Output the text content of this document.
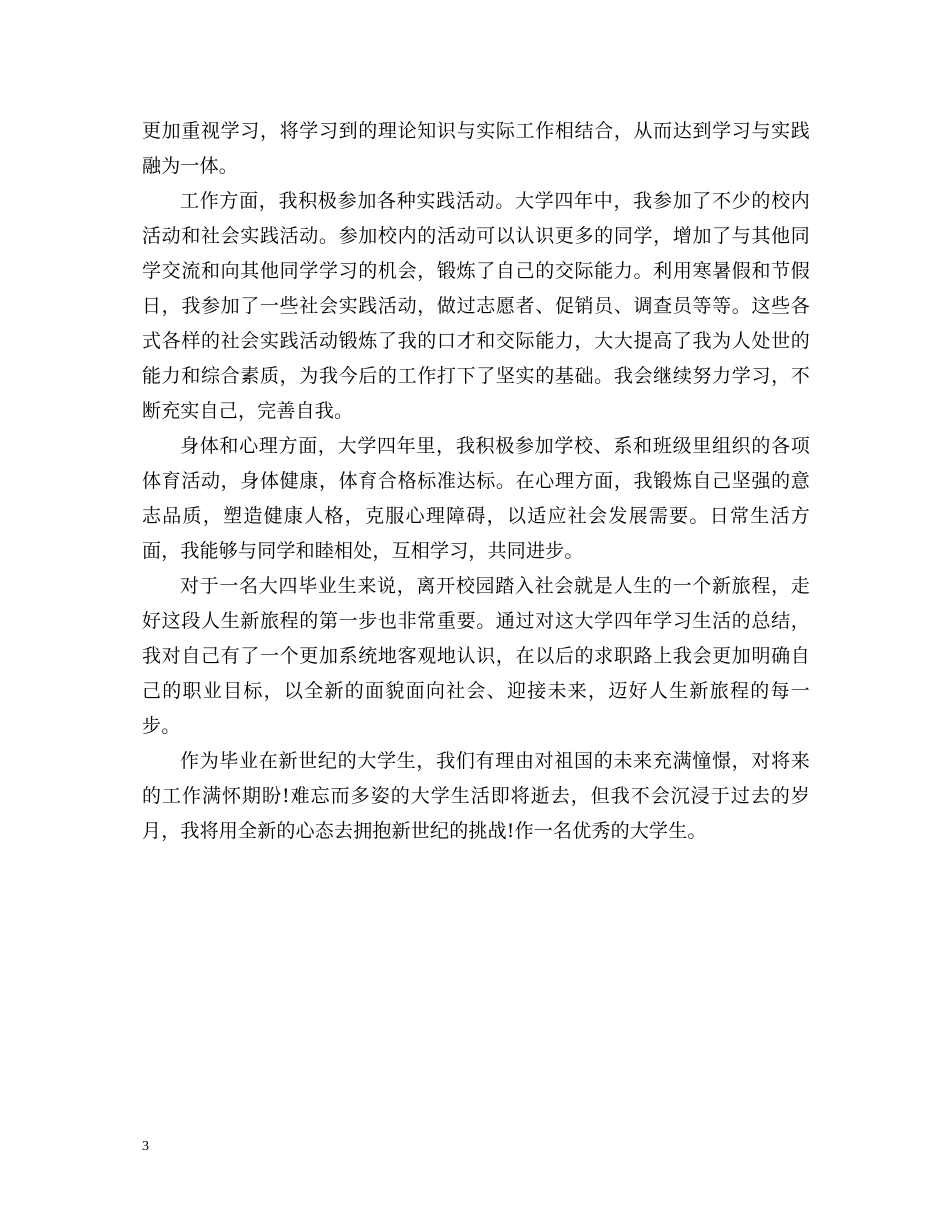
更加重视学习，将学习到的理论知识与实际工作相结合，从而达到学习与实践融为一体。

工作方面，我积极参加各种实践活动。大学四年中，我参加了不少的校内活动和社会实践活动。参加校内的活动可以认识更多的同学，增加了与其他同学交流和向其他同学学习的机会，锻炼了自己的交际能力。利用寒暑假和节假日，我参加了一些社会实践活动，做过志愿者、促销员、调查员等等。这些各式各样的社会实践活动锻炼了我的口才和交际能力，大大提高了我为人处世的能力和综合素质，为我今后的工作打下了坚实的基础。我会继续努力学习，不断充实自己，完善自我。

身体和心理方面，大学四年里，我积极参加学校、系和班级里组织的各项体育活动，身体健康，体育合格标准达标。在心理方面，我锻炼自己坚强的意志品质，塑造健康人格，克服心理障碍，以适应社会发展需要。日常生活方面，我能够与同学和睦相处，互相学习，共同进步。

对于一名大四毕业生来说，离开校园踏入社会就是人生的一个新旅程，走好这段人生新旅程的第一步也非常重要。通过对这大学四年学习生活的总结，我对自己有了一个更加系统地客观地认识，在以后的求职路上我会更加明确自己的职业目标，以全新的面貌面向社会、迎接未来，迈好人生新旅程的每一步。

作为毕业在新世纪的大学生，我们有理由对祖国的未来充满憧憬，对将来的工作满怀期盼!难忘而多姿的大学生活即将逝去，但我不会沉浸于过去的岁月，我将用全新的心态去拥抱新世纪的挑战!作一名优秀的大学生。

3
